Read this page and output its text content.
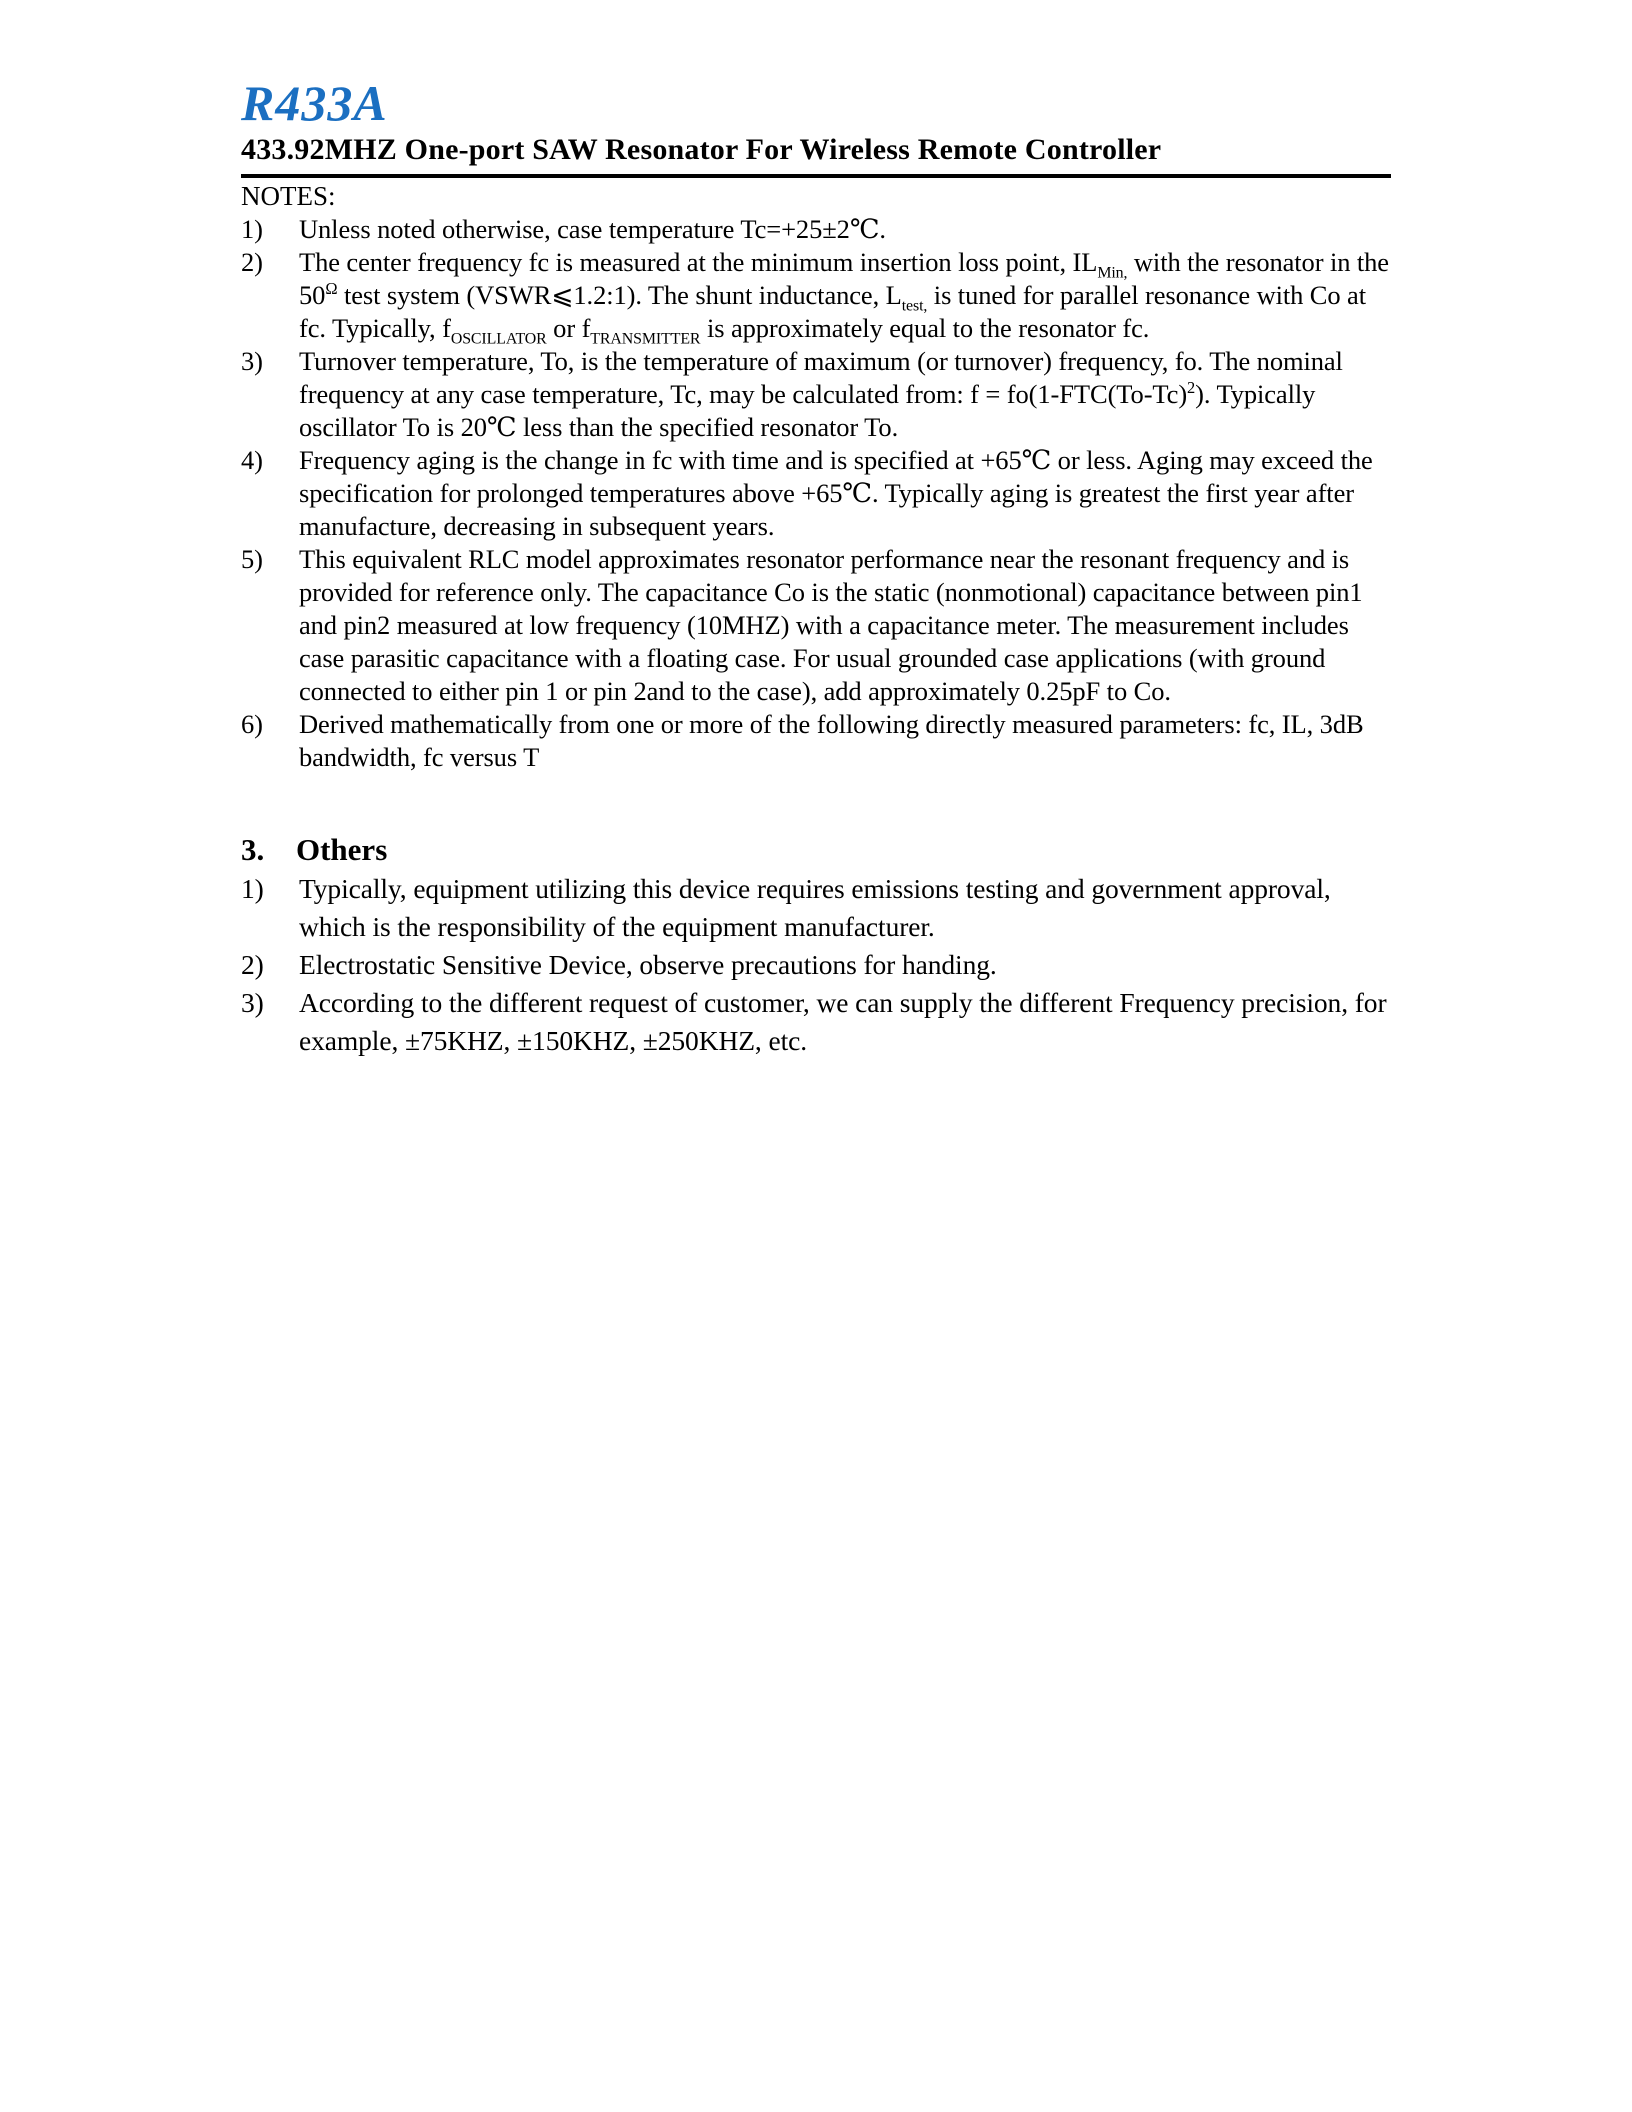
R433A
433.92MHZ One-port SAW Resonator For Wireless Remote Controller
NOTES:
1)	Unless noted otherwise, case temperature Tc=+25±2℃.
2)	The center frequency fc is measured at the minimum insertion loss point, $IL_{Min,}$ with the resonator in the $50^\Omega$ test system (VSWR⩽1.2:1). The shunt inductance, $L_{test,}$ is tuned for parallel resonance with Co at fc. Typically, $f_{OSCILLATOR}$ or $f_{TRANSMITTER}$ is approximately equal to the resonator fc.
3)	Turnover temperature, To, is the temperature of maximum (or turnover) frequency, fo. The nominal frequency at any case temperature, Tc, may be calculated from: $f = fo(1-FTC(To-Tc)^2)$. Typically oscillator To is 20℃ less than the specified resonator To.
4)	Frequency aging is the change in fc with time and is specified at +65℃ or less. Aging may exceed the specification for prolonged temperatures above +65℃. Typically aging is greatest the first year after manufacture, decreasing in subsequent years.
5)	This equivalent RLC model approximates resonator performance near the resonant frequency and is provided for reference only. The capacitance Co is the static (nonmotional) capacitance between pin1 and pin2 measured at low frequency (10MHZ) with a capacitance meter. The measurement includes case parasitic capacitance with a floating case. For usual grounded case applications (with ground connected to either pin 1 or pin 2and to the case), add approximately 0.25pF to Co.
6)	Derived mathematically from one or more of the following directly measured parameters: fc, IL, 3dB bandwidth, fc versus T
3.	Others
1)	Typically, equipment utilizing this device requires emissions testing and government approval, which is the responsibility of the equipment manufacturer.
2)	Electrostatic Sensitive Device, observe precautions for handing.
3)	According to the different request of customer, we can supply the different Frequency precision, for example, ±75KHZ, ±150KHZ, ±250KHZ, etc.
